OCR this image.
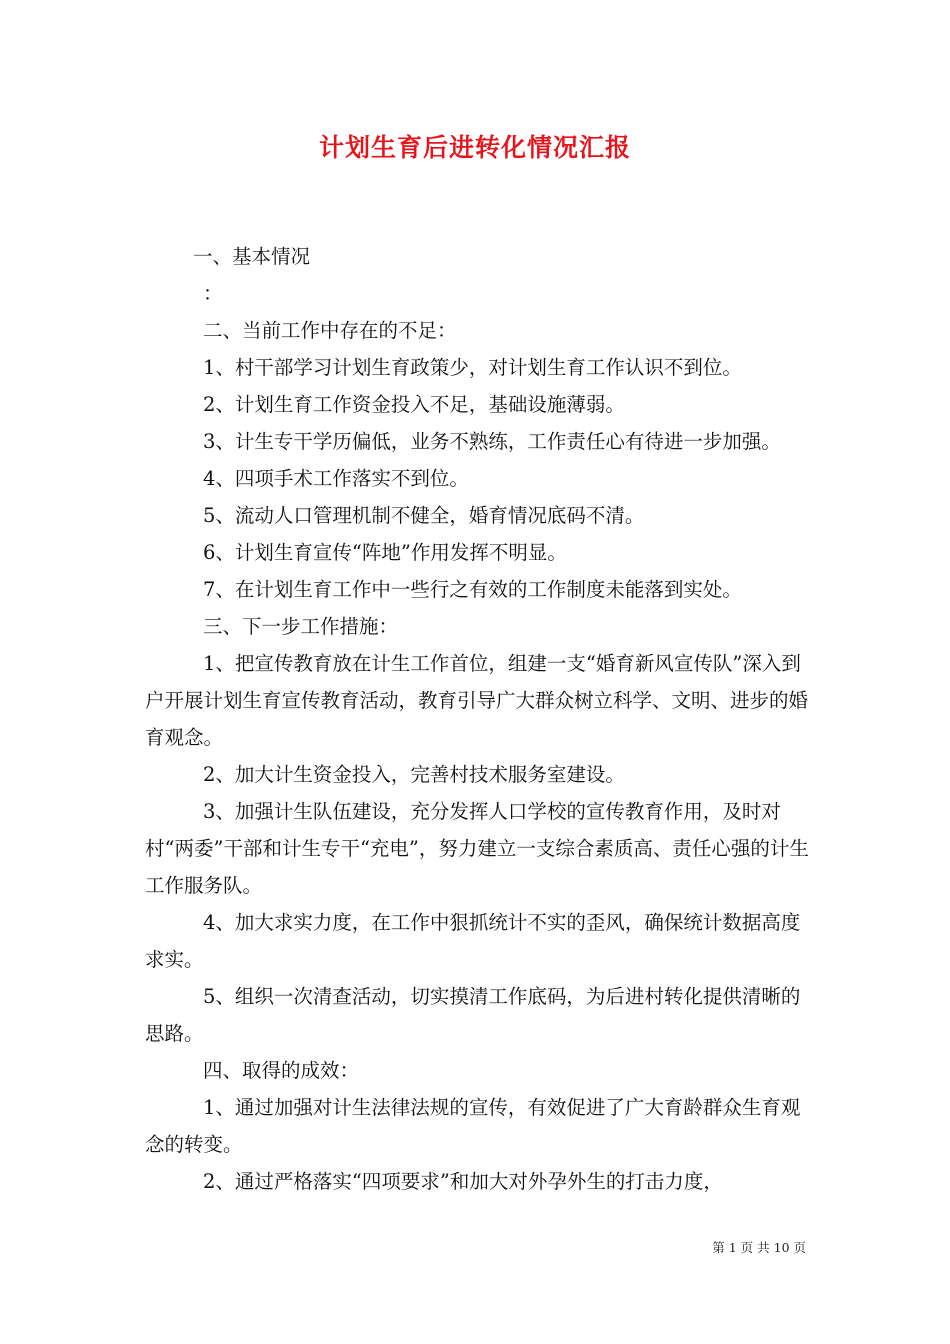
计划生育后进转化情况汇报

一、基本情况

：

二、当前工作中存在的不足：

1、村干部学习计划生育政策少，对计划生育工作认识不到位。

2、计划生育工作资金投入不足，基础设施薄弱。

3、计生专干学历偏低，业务不熟练，工作责任心有待进一步加强。

4、四项手术工作落实不到位。

5、流动人口管理机制不健全，婚育情况底码不清。

6、计划生育宣传“阵地”作用发挥不明显。

7、在计划生育工作中一些行之有效的工作制度未能落到实处。

三、下一步工作措施：

1、把宣传教育放在计生工作首位，组建一支“婚育新风宣传队”深入到户开展计划生育宣传教育活动，教育引导广大群众树立科学、文明、进步的婚育观念。

2、加大计生资金投入，完善村技术服务室建设。

3、加强计生队伍建设，充分发挥人口学校的宣传教育作用，及时对村“两委”干部和计生专干“充电”，努力建立一支综合素质高、责任心强的计生工作服务队。

4、加大求实力度，在工作中狠抓统计不实的歪风，确保统计数据高度求实。

5、组织一次清查活动，切实摸清工作底码，为后进村转化提供清晰的思路。

四、取得的成效：

1、通过加强对计生法律法规的宣传，有效促进了广大育龄群众生育观念的转变。

2、通过严格落实“四项要求”和加大对外孕外生的打击力度，

第 1 页 共 10 页
